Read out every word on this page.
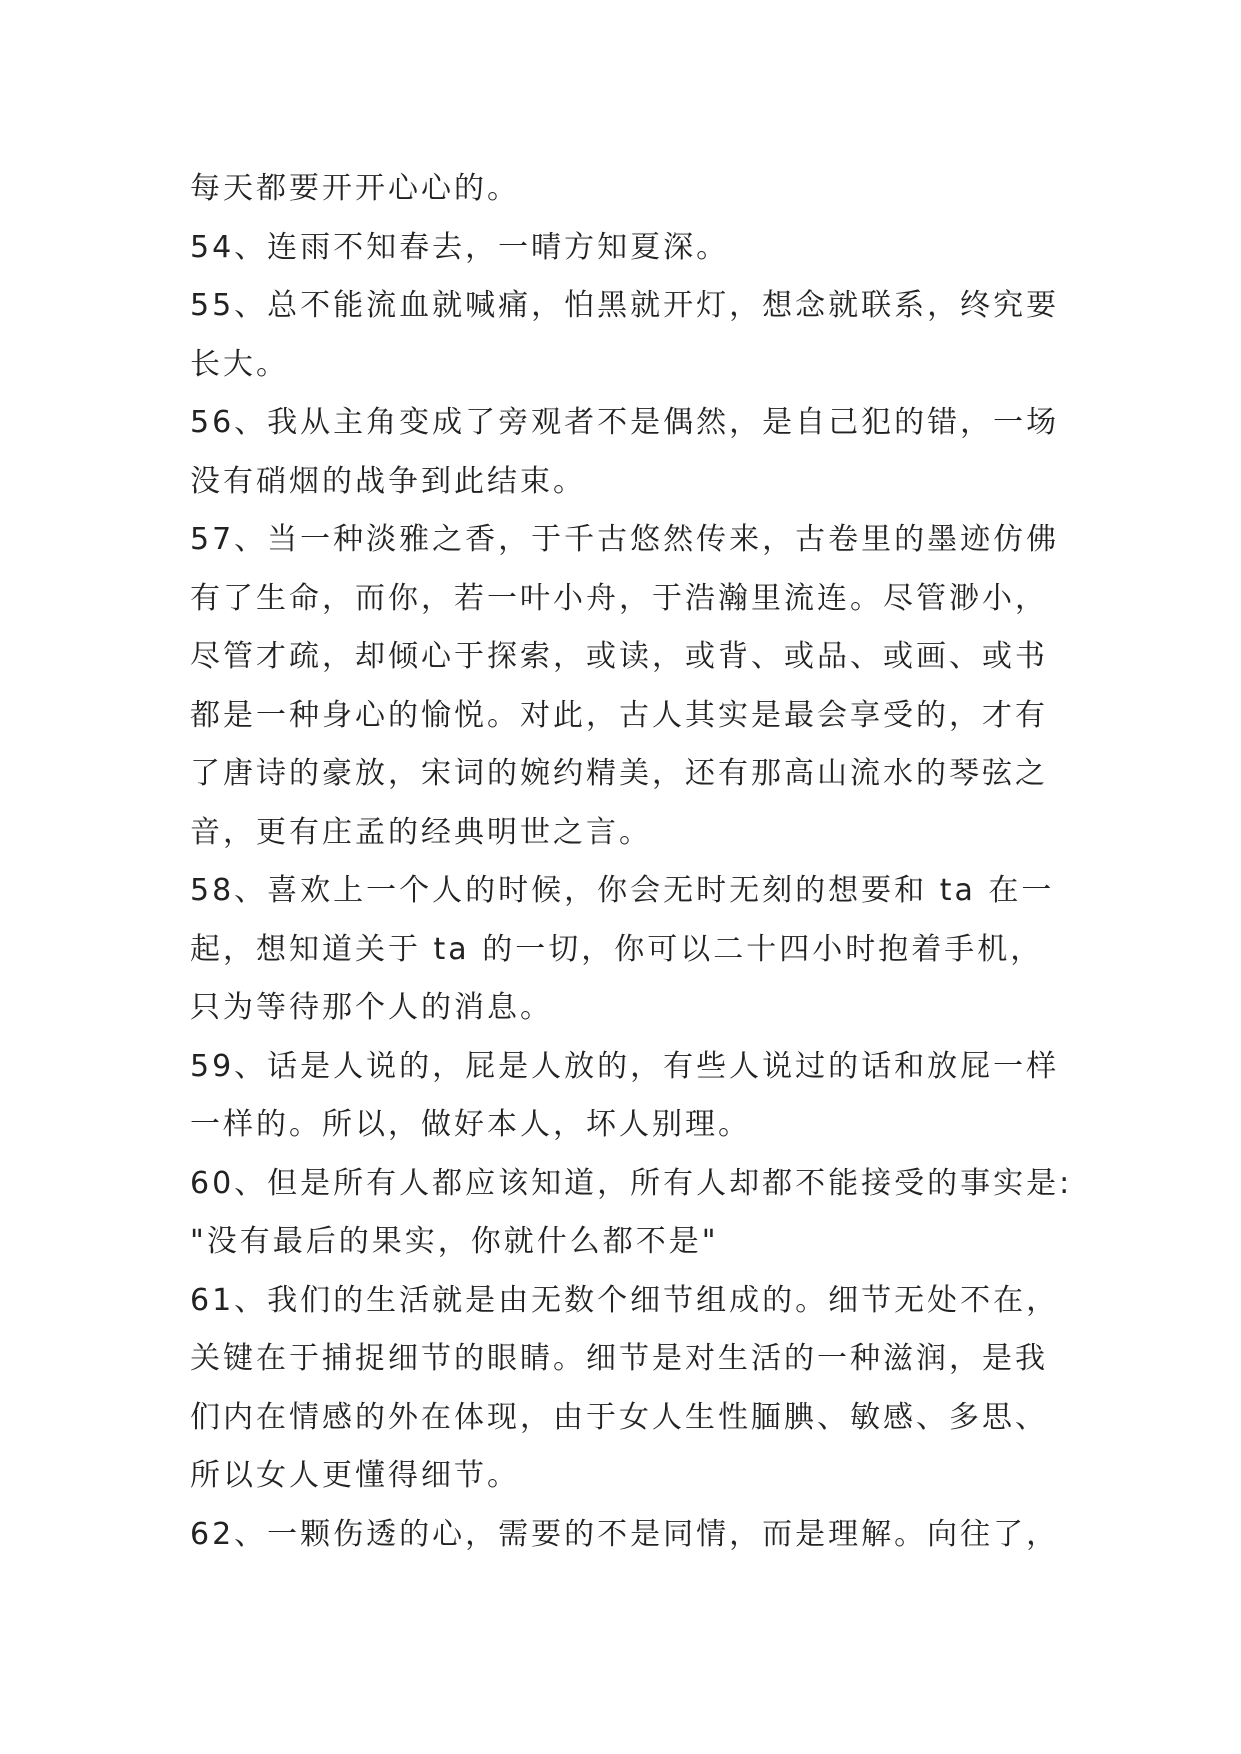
每天都要开开心心的。
54、连雨不知春去，一晴方知夏深。
55、总不能流血就喊痛，怕黑就开灯，想念就联系，终究要
长大。
56、我从主角变成了旁观者不是偶然，是自己犯的错，一场
没有硝烟的战争到此结束。
57、当一种淡雅之香，于千古悠然传来，古卷里的墨迹仿佛
有了生命，而你，若一叶小舟，于浩瀚里流连。尽管渺小，
尽管才疏，却倾心于探索，或读，或背、或品、或画、或书
都是一种身心的愉悦。对此，古人其实是最会享受的，才有
了唐诗的豪放，宋词的婉约精美，还有那高山流水的琴弦之
音，更有庄孟的经典明世之言。
58、喜欢上一个人的时候，你会无时无刻的想要和 ta 在一
起，想知道关于 ta 的一切，你可以二十四小时抱着手机，
只为等待那个人的消息。
59、话是人说的，屁是人放的，有些人说过的话和放屁一样
一样的。所以，做好本人，坏人别理。
60、但是所有人都应该知道，所有人却都不能接受的事实是:
"没有最后的果实，你就什么都不是"
61、我们的生活就是由无数个细节组成的。细节无处不在，
关键在于捕捉细节的眼睛。细节是对生活的一种滋润，是我
们内在情感的外在体现，由于女人生性腼腆、敏感、多思、
所以女人更懂得细节。
62、一颗伤透的心，需要的不是同情，而是理解。向往了，
